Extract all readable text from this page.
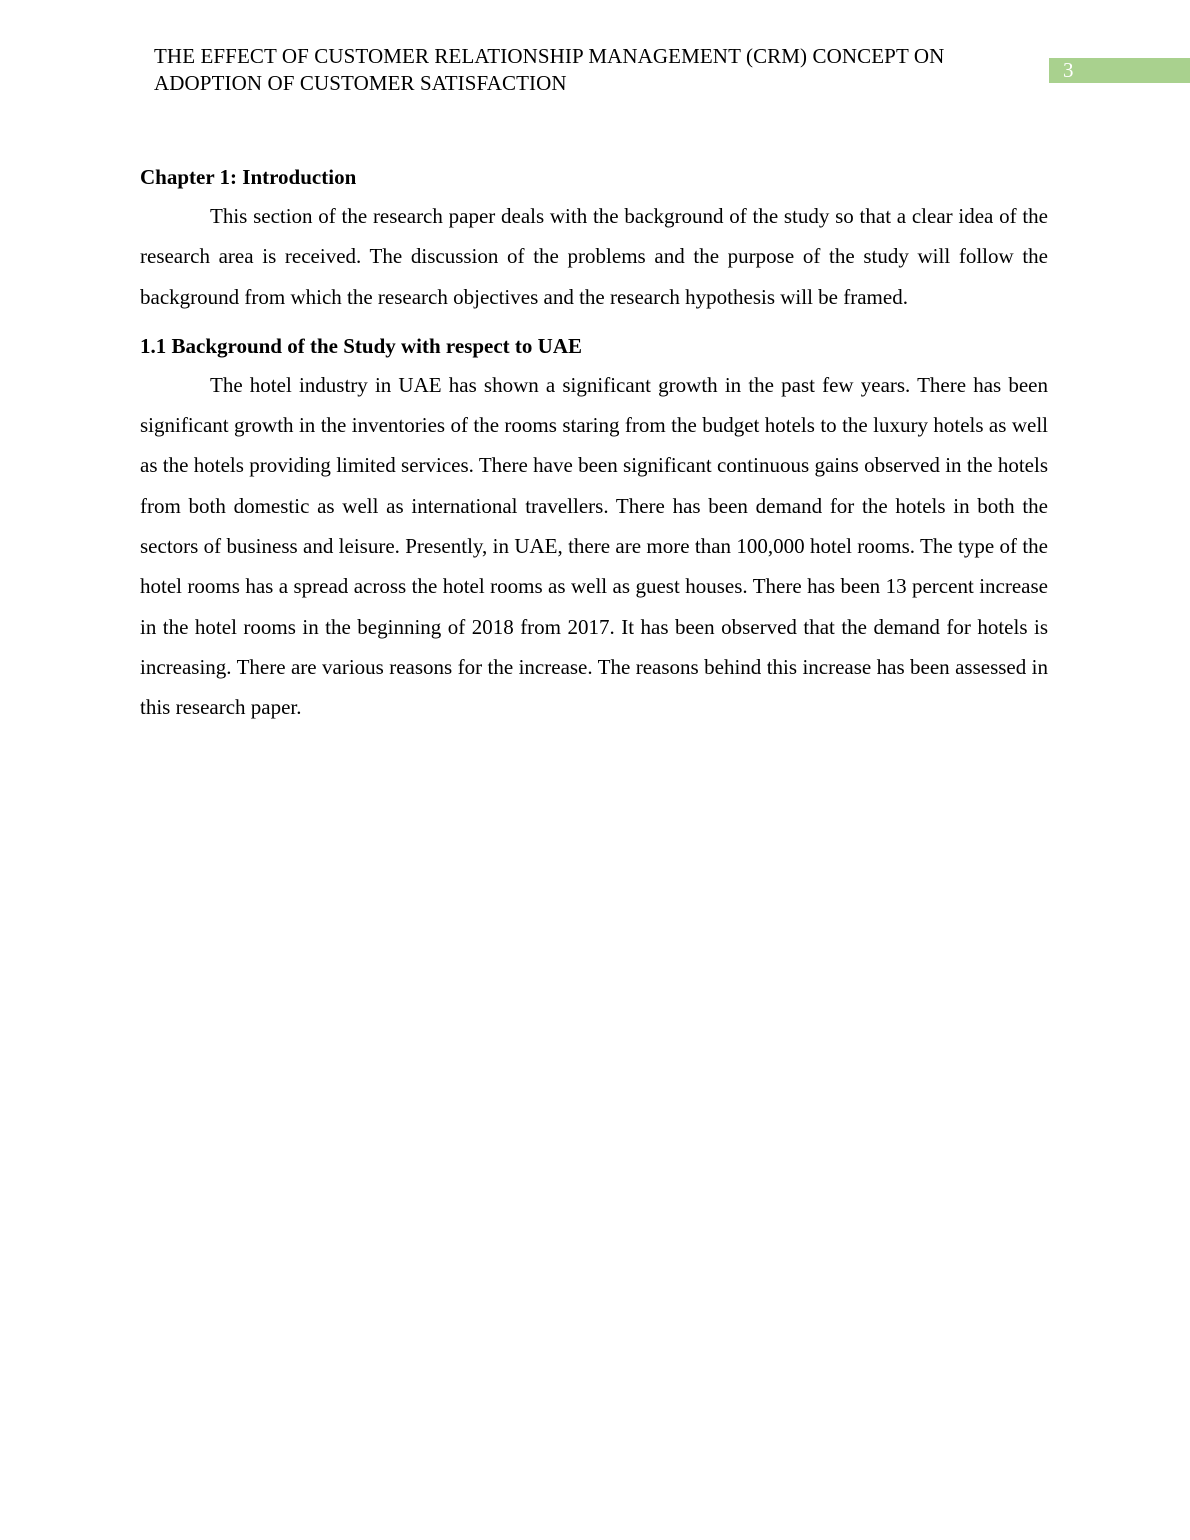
THE EFFECT OF CUSTOMER RELATIONSHIP MANAGEMENT (CRM) CONCEPT ON ADOPTION OF CUSTOMER SATISFACTION
3
Chapter 1: Introduction

This section of the research paper deals with the background of the study so that a clear idea of the research area is received. The discussion of the problems and the purpose of the study will follow the background from which the research objectives and the research hypothesis will be framed.

1.1 Background of the Study with respect to UAE

The hotel industry in UAE has shown a significant growth in the past few years. There has been significant growth in the inventories of the rooms staring from the budget hotels to the luxury hotels as well as the hotels providing limited services. There have been significant continuous gains observed in the hotels from both domestic as well as international travellers. There has been demand for the hotels in both the sectors of business and leisure. Presently, in UAE, there are more than 100,000 hotel rooms. The type of the hotel rooms has a spread across the hotel rooms as well as guest houses. There has been 13 percent increase in the hotel rooms in the beginning of 2018 from 2017. It has been observed that the demand for hotels is increasing. There are various reasons for the increase. The reasons behind this increase has been assessed in this research paper.
